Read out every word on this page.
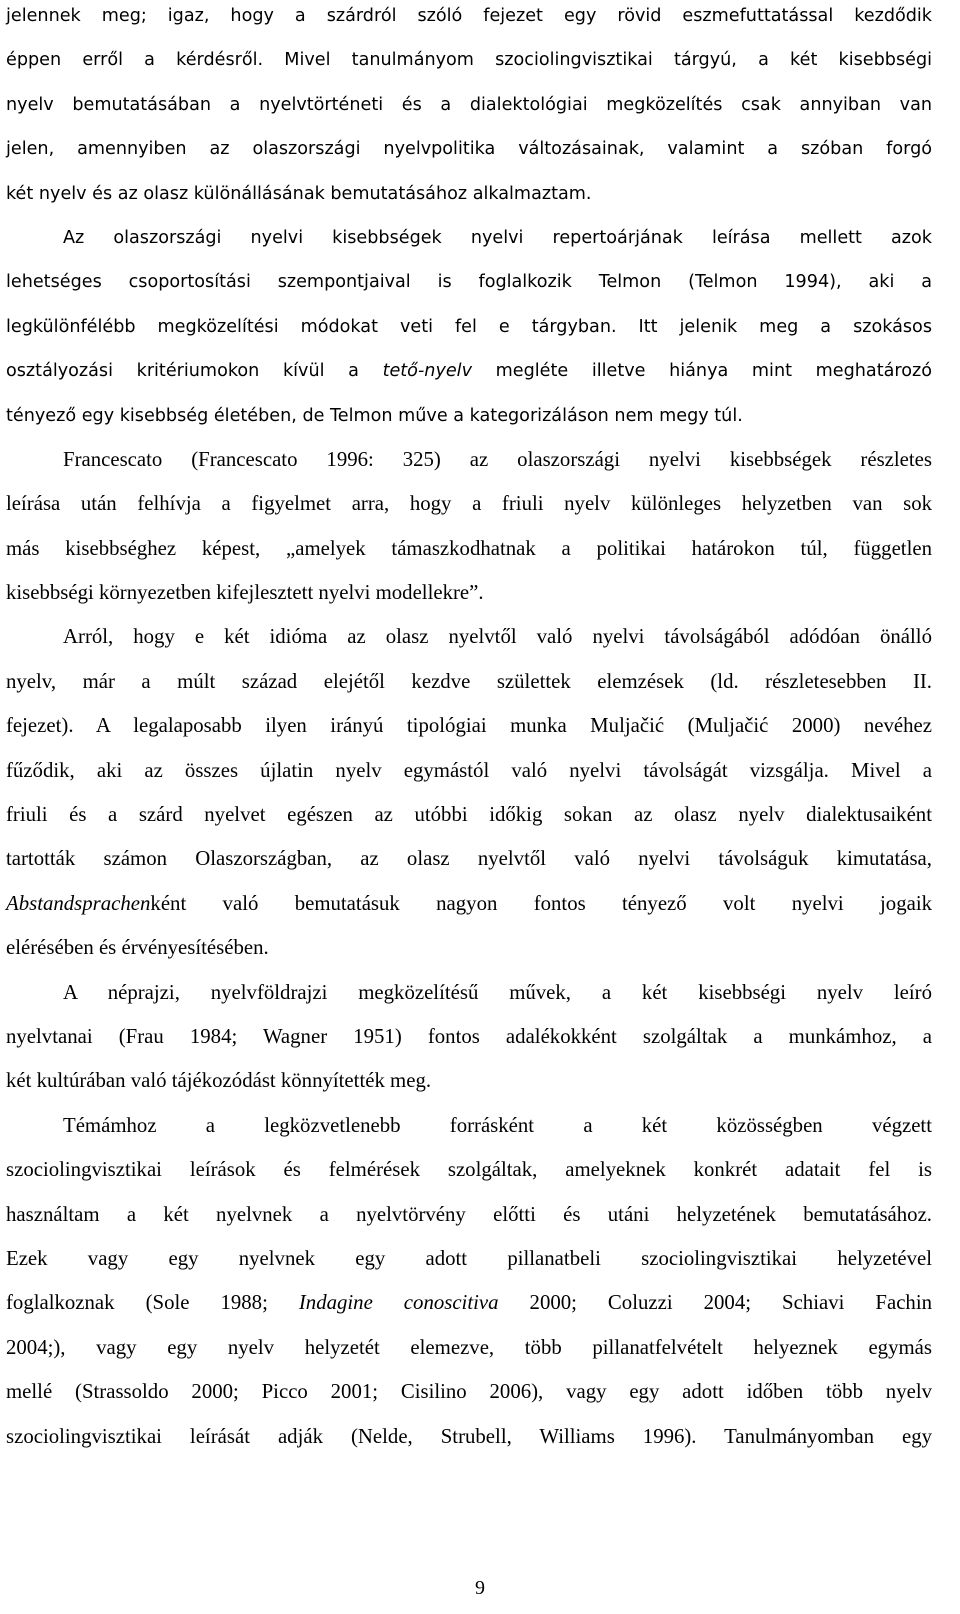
jelennek meg; igaz, hogy a szárdról szóló fejezet egy rövid eszmefuttatással kezdődik
éppen erről a kérdésről. Mivel tanulmányom szociolingvisztikai tárgyú, a két kisebbségi
nyelv bemutatásában a nyelvtörténeti és a dialektológiai megközelítés csak annyiban van
jelen, amennyiben az olaszországi nyelvpolitika változásainak, valamint a szóban forgó
két nyelv és az olasz különállásának bemutatásához alkalmaztam.
Az olaszországi nyelvi kisebbségek nyelvi repertoárjának leírása mellett azok
lehetséges csoportosítási szempontjaival is foglalkozik Telmon (Telmon 1994), aki a
legkülönfélébb megközelítési módokat veti fel e tárgyban. Itt jelenik meg a szokásos
osztályozási kritériumokon kívül a tető-nyelv megléte illetve hiánya mint meghatározó
tényező egy kisebbség életében, de Telmon műve a kategorizáláson nem megy túl.
Francescato (Francescato 1996: 325) az olaszországi nyelvi kisebbségek részletes
leírása után felhívja a figyelmet arra, hogy a friuli nyelv különleges helyzetben van sok
más kisebbséghez képest, „amelyek támaszkodhatnak a politikai határokon túl, független
kisebbségi környezetben kifejlesztett nyelvi modellekre”.
Arról, hogy e két idióma az olasz nyelvtől való nyelvi távolságából adódóan önálló
nyelv, már a múlt század elejétől kezdve születtek elemzések (ld. részletesebben II.
fejezet). A legalaposabb ilyen irányú tipológiai munka Muljačić (Muljačić 2000) nevéhez
fűződik, aki az összes újlatin nyelv egymástól való nyelvi távolságát vizsgálja. Mivel a
friuli és a szárd nyelvet egészen az utóbbi időkig sokan az olasz nyelv dialektusaiként
tartották számon Olaszországban, az olasz nyelvtől való nyelvi távolságuk kimutatása,
Abstandsprachenként való bemutatásuk nagyon fontos tényező volt nyelvi jogaik
elérésében és érvényesítésében.
A néprajzi, nyelvföldrajzi megközelítésű művek, a két kisebbségi nyelv leíró
nyelvtanai (Frau 1984; Wagner 1951) fontos adalékokként szolgáltak a munkámhoz, a
két kultúrában való tájékozódást könnyítették meg.
Témámhoz a legközvetlenebb forrásként a két közösségben végzett
szociolingvisztikai leírások és felmérések szolgáltak, amelyeknek konkrét adatait fel is
használtam a két nyelvnek a nyelvtörvény előtti és utáni helyzetének bemutatásához.
Ezek vagy egy nyelvnek egy adott pillanatbeli szociolingvisztikai helyzetével
foglalkoznak (Sole 1988; Indagine conoscitiva 2000; Coluzzi 2004; Schiavi Fachin
2004;), vagy egy nyelv helyzetét elemezve, több pillanatfelvételt helyeznek egymás
mellé (Strassoldo 2000; Picco 2001; Cisilino 2006), vagy egy adott időben több nyelv
szociolingvisztikai leírását adják (Nelde, Strubell, Williams 1996). Tanulmányomban egy
9
